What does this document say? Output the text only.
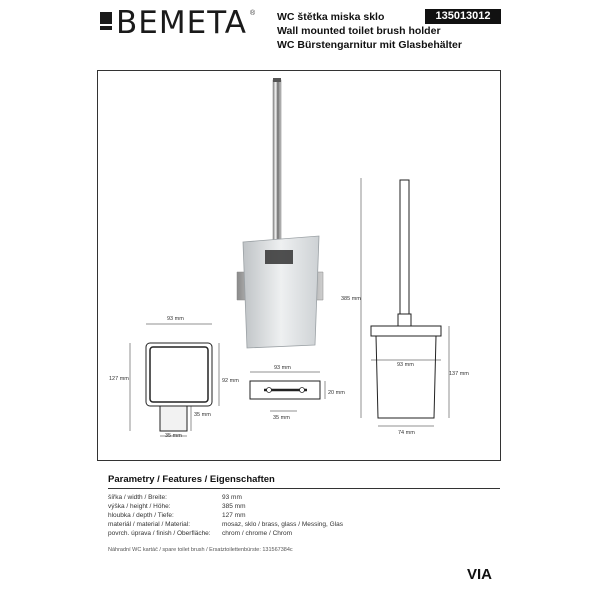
BEMETA ® WC štětka miska sklo
Wall mounted toilet brush holder
WC Bürstengarnitur mit Glasbehälter
135013012
93 mm
127 mm	92 mm
35 mm
35 mm
93 mm
20 mm
35 mm
385 mm
93 mm
137 mm
74 mm
Parametry / Features / Eigenschaften
šířka / width / Breite:	93 mm
výška / height / Höhe:	385 mm
hloubka / depth / Tiefe:	127 mm
materiál / material / Material:	mosaz, sklo / brass, glass / Messing, Glas
povrch. úprava / finish / Oberfläche: chrom / chrome / Chrom
Náhradní WC kartáč / spare toilet brush / Ersatztoilettenbürste: 131567384c
VIA
